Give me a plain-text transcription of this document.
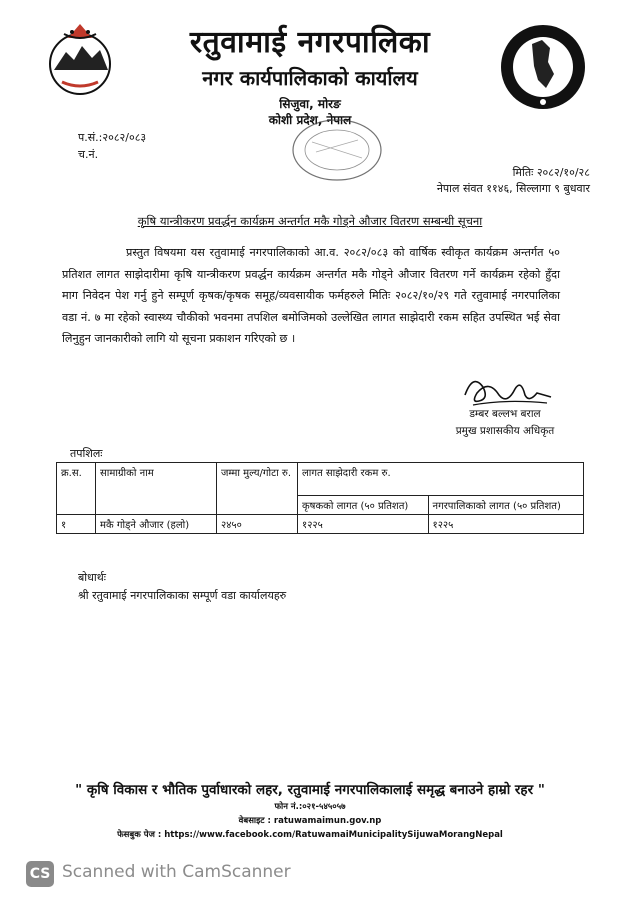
रतुवामाई नगरपालिका
नगर कार्यपालिकाको कार्यालय
सिजुवा, मोरङ
कोशी प्रदेश, नेपाल
प.सं.:२०८२/०८३
च.नं.
मितिः २०८२/१०/२८
नेपाल संवत ११४६, सिल्लागा ९ बुधवार
कृषि यान्त्रीकरण प्रवर्द्धन कार्यक्रम अन्तर्गत मकै गोड्ने औजार वितरण सम्बन्धी सूचना
प्रस्तुत विषयमा यस रतुवामाई नगरपालिकाको आ.व. २०८२/०८३ को वार्षिक स्वीकृत कार्यक्रम अन्तर्गत ५० प्रतिशत लागत साझेदारीमा कृषि यान्त्रीकरण प्रवर्द्धन कार्यक्रम अन्तर्गत मकै गोड्ने औजार वितरण गर्ने कार्यक्रम रहेको हुँदा माग निवेदन पेश गर्नु हुने सम्पूर्ण कृषक/कृषक समूह/व्यवसायीक फर्महरुले मितिः २०८२/१०/२९ गते रतुवामाई नगरपालिका वडा नं. ७ मा रहेको स्वास्थ्य चौकीको भवनमा तपशिल बमोजिमको उल्लेखित लागत साझेदारी रकम सहित उपस्थित भई सेवा लिनुहुन जानकारीको लागि यो सूचना प्रकाशन गरिएको छ ।
डम्बर बल्लभ बराल
प्रमुख प्रशासकीय अधिकृत
तपशिलः
क्र.स.	सामाग्रीको नाम	जम्मा मुल्य/गोटा रु.	लागत साझेदारी रकम रु.	
			कृषकको लागत (५० प्रतिशत)	नगरपालिकाको लागत (५० प्रतिशत)
१	मकै गोड्ने औजार (हलो)	२४५०	१२२५	१२२५
बोधार्थः
श्री रतुवामाई नगरपालिकाका सम्पूर्ण वडा कार्यालयहरु
" कृषि विकास र भौतिक पुर्वाधारको लहर, रतुवामाई नगरपालिकालाई समृद्ध बनाउने हाम्रो रहर "
फोन नं.:०२१-५४५०५७
वेबसाइट : ratuwamaimun.gov.np
फेसबुक पेज : https://www.facebook.com/RatuwamaiMunicipalitySijuwaMorangNepal
CS Scanned with CamScanner
